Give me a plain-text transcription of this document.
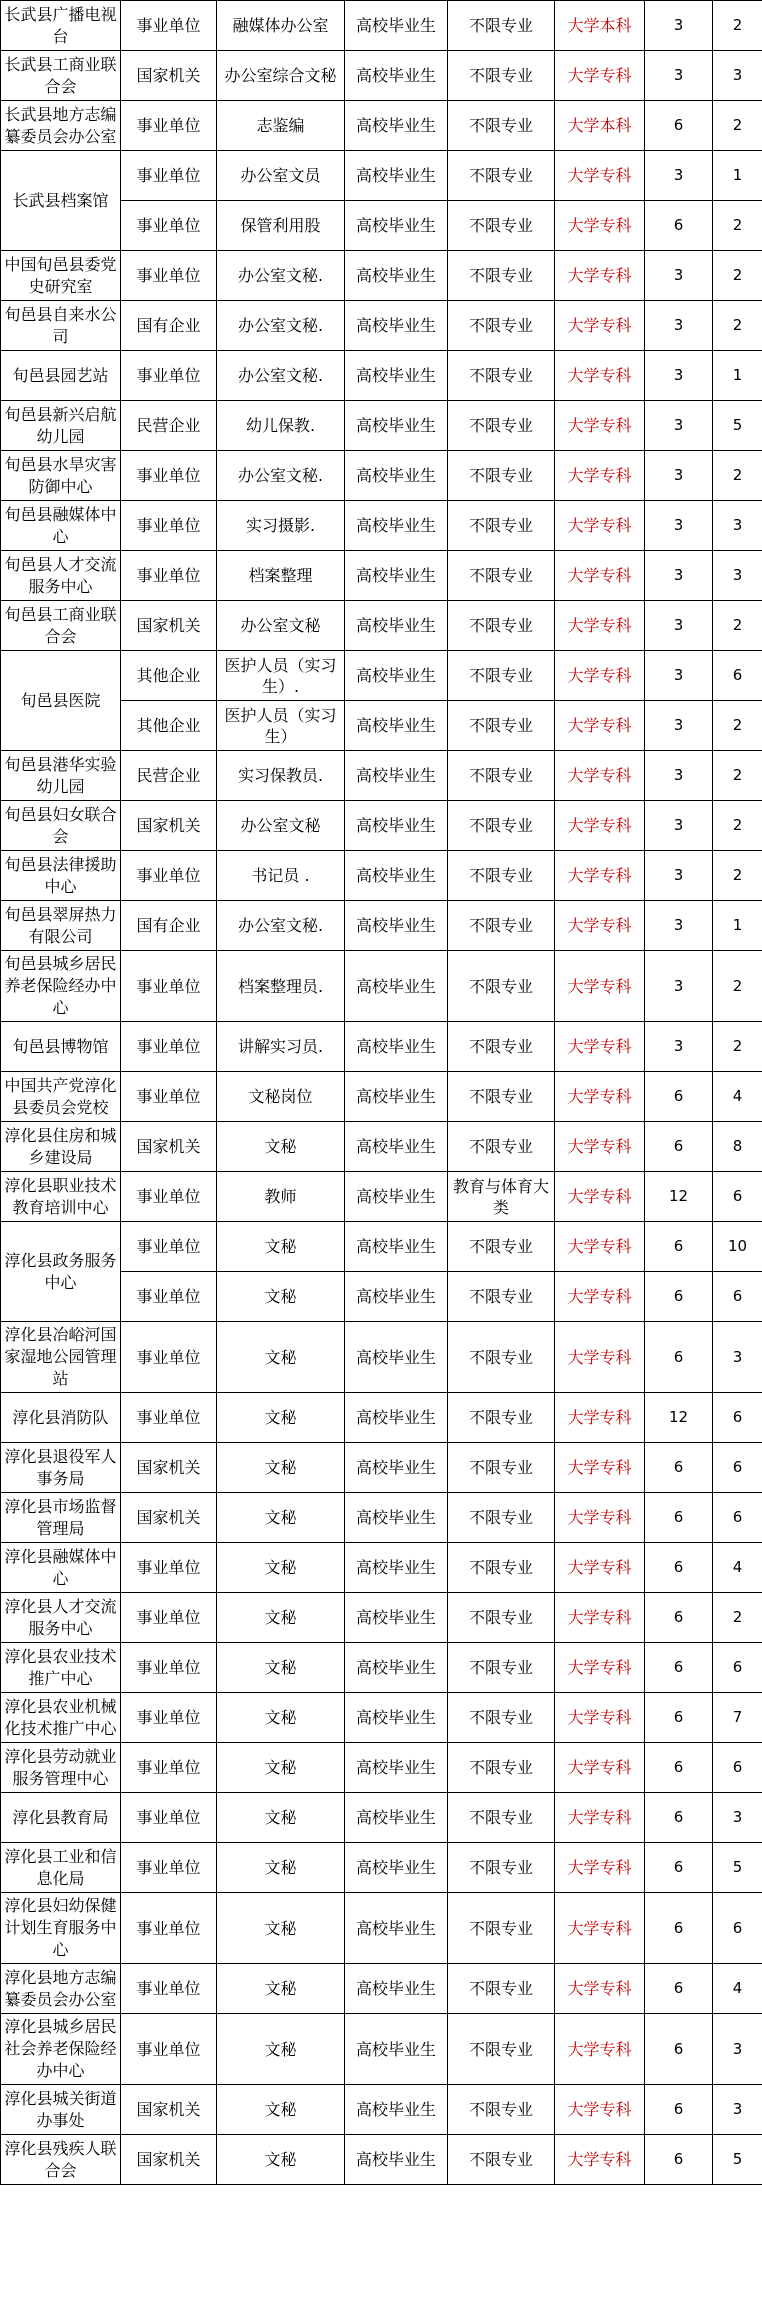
长武县广播电视台	事业单位	融媒体办公室	高校毕业生	不限专业	大学本科	3	2
长武县工商业联合会	国家机关	办公室综合文秘	高校毕业生	不限专业	大学专科	3	3
长武县地方志编纂委员会办公室	事业单位	志鉴编	高校毕业生	不限专业	大学本科	6	2
长武县档案馆	事业单位	办公室文员	高校毕业生	不限专业	大学专科	3	1
	事业单位	保管利用股	高校毕业生	不限专业	大学专科	6	2
中国旬邑县委党史研究室	事业单位	办公室文秘.	高校毕业生	不限专业	大学专科	3	2
旬邑县自来水公司	国有企业	办公室文秘.	高校毕业生	不限专业	大学专科	3	2
旬邑县园艺站	事业单位	办公室文秘.	高校毕业生	不限专业	大学专科	3	1
旬邑县新兴启航幼儿园	民营企业	幼儿保教.	高校毕业生	不限专业	大学专科	3	5
旬邑县水旱灾害防御中心	事业单位	办公室文秘.	高校毕业生	不限专业	大学专科	3	2
旬邑县融媒体中心	事业单位	实习摄影.	高校毕业生	不限专业	大学专科	3	3
旬邑县人才交流服务中心	事业单位	档案整理	高校毕业生	不限专业	大学专科	3	3
旬邑县工商业联合会	国家机关	办公室文秘	高校毕业生	不限专业	大学专科	3	2
旬邑县医院	其他企业	医护人员（实习生）.	高校毕业生	不限专业	大学专科	3	6
	其他企业	医护人员（实习生）	高校毕业生	不限专业	大学专科	3	2
旬邑县港华实验幼儿园	民营企业	实习保教员.	高校毕业生	不限专业	大学专科	3	2
旬邑县妇女联合会	国家机关	办公室文秘	高校毕业生	不限专业	大学专科	3	2
旬邑县法律援助中心	事业单位	书记员 .	高校毕业生	不限专业	大学专科	3	2
旬邑县翠屏热力有限公司	国有企业	办公室文秘.	高校毕业生	不限专业	大学专科	3	1
旬邑县城乡居民养老保险经办中心	事业单位	档案整理员.	高校毕业生	不限专业	大学专科	3	2
旬邑县博物馆	事业单位	讲解实习员.	高校毕业生	不限专业	大学专科	3	2
中国共产党淳化县委员会党校	事业单位	文秘岗位	高校毕业生	不限专业	大学专科	6	4
淳化县住房和城乡建设局	国家机关	文秘	高校毕业生	不限专业	大学专科	6	8
淳化县职业技术教育培训中心	事业单位	教师	高校毕业生	教育与体育大类	大学专科	12	6
淳化县政务服务中心	事业单位	文秘	高校毕业生	不限专业	大学专科	6	10
	事业单位	文秘	高校毕业生	不限专业	大学专科	6	6
淳化县冶峪河国家湿地公园管理站	事业单位	文秘	高校毕业生	不限专业	大学专科	6	3
淳化县消防队	事业单位	文秘	高校毕业生	不限专业	大学专科	12	6
淳化县退役军人事务局	国家机关	文秘	高校毕业生	不限专业	大学专科	6	6
淳化县市场监督管理局	国家机关	文秘	高校毕业生	不限专业	大学专科	6	6
淳化县融媒体中心	事业单位	文秘	高校毕业生	不限专业	大学专科	6	4
淳化县人才交流服务中心	事业单位	文秘	高校毕业生	不限专业	大学专科	6	2
淳化县农业技术推广中心	事业单位	文秘	高校毕业生	不限专业	大学专科	6	6
淳化县农业机械化技术推广中心	事业单位	文秘	高校毕业生	不限专业	大学专科	6	7
淳化县劳动就业服务管理中心	事业单位	文秘	高校毕业生	不限专业	大学专科	6	6
淳化县教育局	事业单位	文秘	高校毕业生	不限专业	大学专科	6	3
淳化县工业和信息化局	事业单位	文秘	高校毕业生	不限专业	大学专科	6	5
淳化县妇幼保健计划生育服务中心	事业单位	文秘	高校毕业生	不限专业	大学专科	6	6
淳化县地方志编纂委员会办公室	事业单位	文秘	高校毕业生	不限专业	大学专科	6	4
淳化县城乡居民社会养老保险经办中心	事业单位	文秘	高校毕业生	不限专业	大学专科	6	3
淳化县城关街道办事处	国家机关	文秘	高校毕业生	不限专业	大学专科	6	3
淳化县残疾人联合会	国家机关	文秘	高校毕业生	不限专业	大学专科	6	5
